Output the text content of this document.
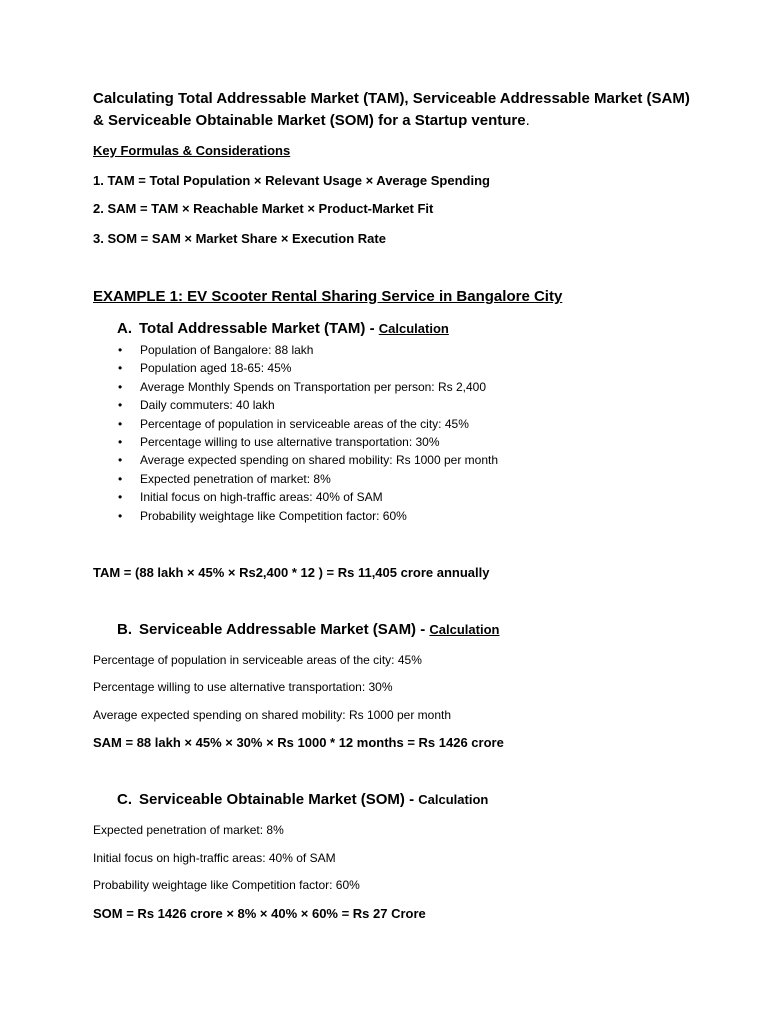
Calculating Total Addressable Market (TAM), Serviceable Addressable Market (SAM) & Serviceable Obtainable Market (SOM) for a Startup venture.

Key Formulas & Considerations

1. TAM = Total Population × Relevant Usage × Average Spending

2. SAM = TAM × Reachable Market × Product-Market Fit

3. SOM = SAM × Market Share × Execution Rate

EXAMPLE 1: EV Scooter Rental Sharing Service in Bangalore City

A. Total Addressable Market (TAM) - Calculation

• Population of Bangalore: 88 lakh
• Population aged 18-65: 45%
• Average Monthly Spends on Transportation per person: Rs 2,400
• Daily commuters: 40 lakh
• Percentage of population in serviceable areas of the city: 45%
• Percentage willing to use alternative transportation: 30%
• Average expected spending on shared mobility: Rs 1000 per month
• Expected penetration of market: 8%
• Initial focus on high-traffic areas: 40% of SAM
• Probability weightage like Competition factor: 60%

TAM = (88 lakh × 45% × Rs2,400 * 12 ) = Rs 11,405 crore annually

B. Serviceable Addressable Market (SAM) - Calculation

Percentage of population in serviceable areas of the city: 45%

Percentage willing to use alternative transportation: 30%

Average expected spending on shared mobility: Rs 1000 per month

SAM = 88 lakh × 45% × 30% × Rs 1000 * 12 months = Rs 1426 crore

C. Serviceable Obtainable Market (SOM) - Calculation

Expected penetration of market: 8%

Initial focus on high-traffic areas: 40% of SAM

Probability weightage like Competition factor: 60%

SOM = Rs 1426 crore × 8% × 40% × 60% = Rs 27 Crore
